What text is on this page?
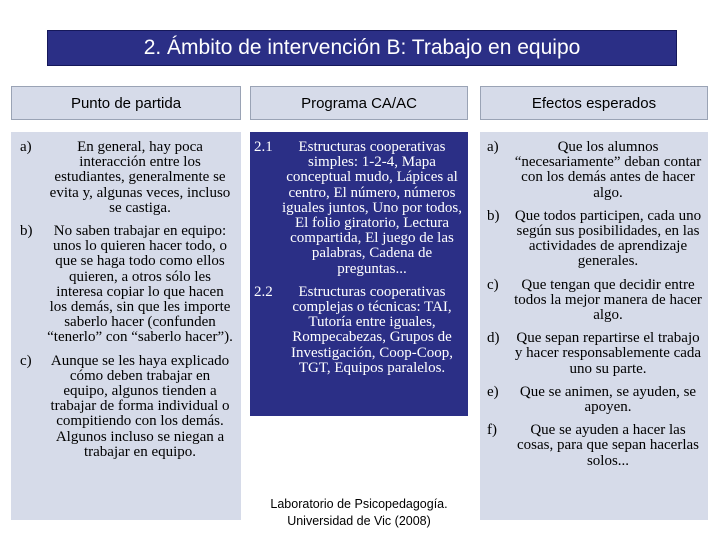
2. Ámbito de intervención B: Trabajo en equipo
Punto de partida	Programa CA/AC	Efectos esperados
a)	En general, hay poca interacción entre los estudiantes, generalmente se evita y, algunas veces, incluso se castiga.
b)	No saben trabajar en equipo: unos lo quieren hacer todo, o que se haga todo como ellos quieren, a otros sólo les interesa copiar lo que hacen los demás, sin que les importe saberlo hacer (confunden “tenerlo” con “saberlo hacer”).
c)	Aunque se les haya explicado cómo deben trabajar en equipo, algunos tienden a trabajar de forma individual o compitiendo con los demás. Algunos incluso se niegan a trabajar en equipo.
2.1	Estructuras cooperativas simples: 1-2-4, Mapa conceptual mudo, Lápices al centro, El número, números iguales juntos, Uno por todos, El folio giratorio, Lectura compartida, El juego de las palabras, Cadena de preguntas...
2.2	Estructuras cooperativas complejas o técnicas: TAI, Tutoría entre iguales, Rompecabezas, Grupos de Investigación, Coop-Coop, TGT, Equipos paralelos.
Laboratorio de Psicopedagogía.
Universidad de Vic (2008)
a)	Que los alumnos “necesariamente” deban contar con los demás antes de hacer algo.
b)	Que todos participen, cada uno según sus posibilidades, en las actividades de aprendizaje generales.
c)	Que tengan que decidir entre todos la mejor manera de hacer algo.
d)	Que sepan repartirse el trabajo y hacer responsablemente cada uno su parte.
e)	Que se animen, se ayuden, se apoyen.
f)	Que se ayuden a hacer las cosas, para que sepan hacerlas solos...
